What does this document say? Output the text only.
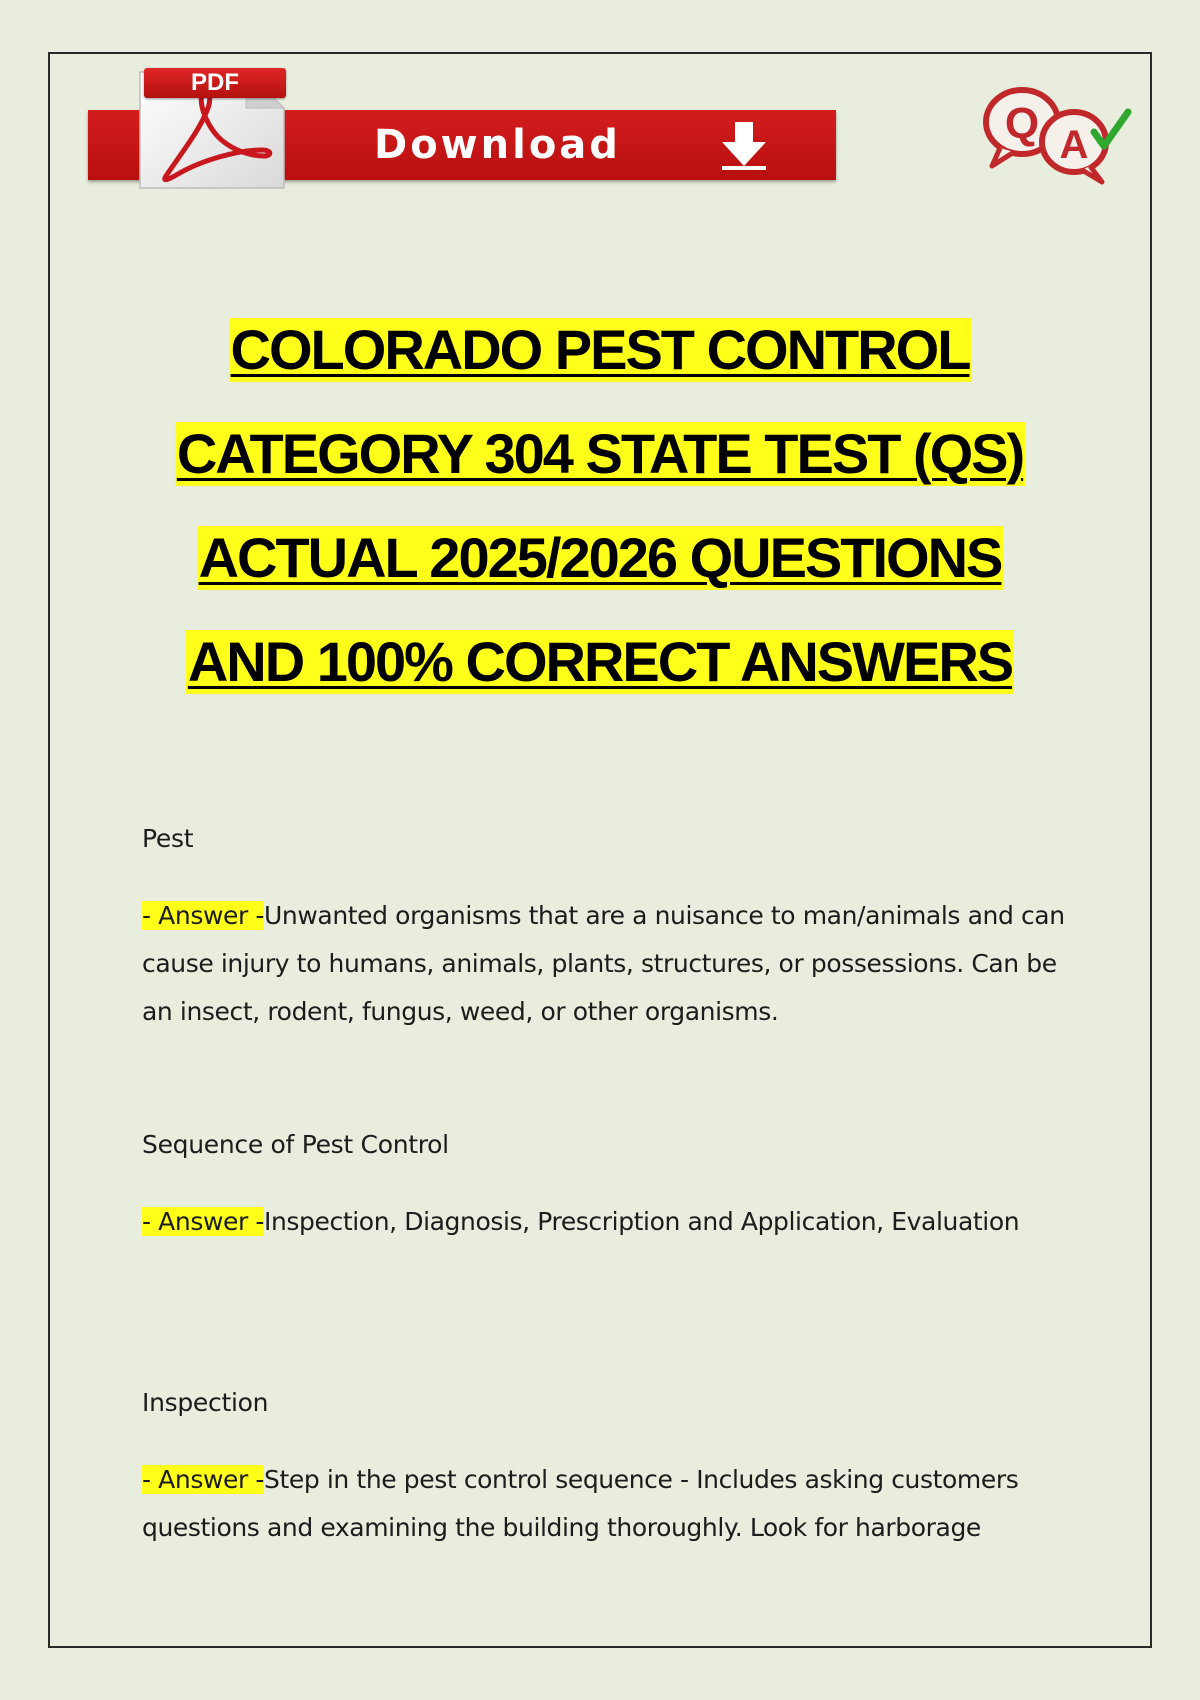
Download
PDF
Q A
COLORADO PEST CONTROL
CATEGORY 304 STATE TEST (QS)
ACTUAL 2025/2026 QUESTIONS
AND 100% CORRECT ANSWERS
Pest
- Answer -Unwanted organisms that are a nuisance to man/animals and can cause injury to humans, animals, plants, structures, or possessions. Can be an insect, rodent, fungus, weed, or other organisms.
Sequence of Pest Control
- Answer -Inspection, Diagnosis, Prescription and Application, Evaluation
Inspection
- Answer -Step in the pest control sequence - Includes asking customers questions and examining the building thoroughly. Look for harborage
